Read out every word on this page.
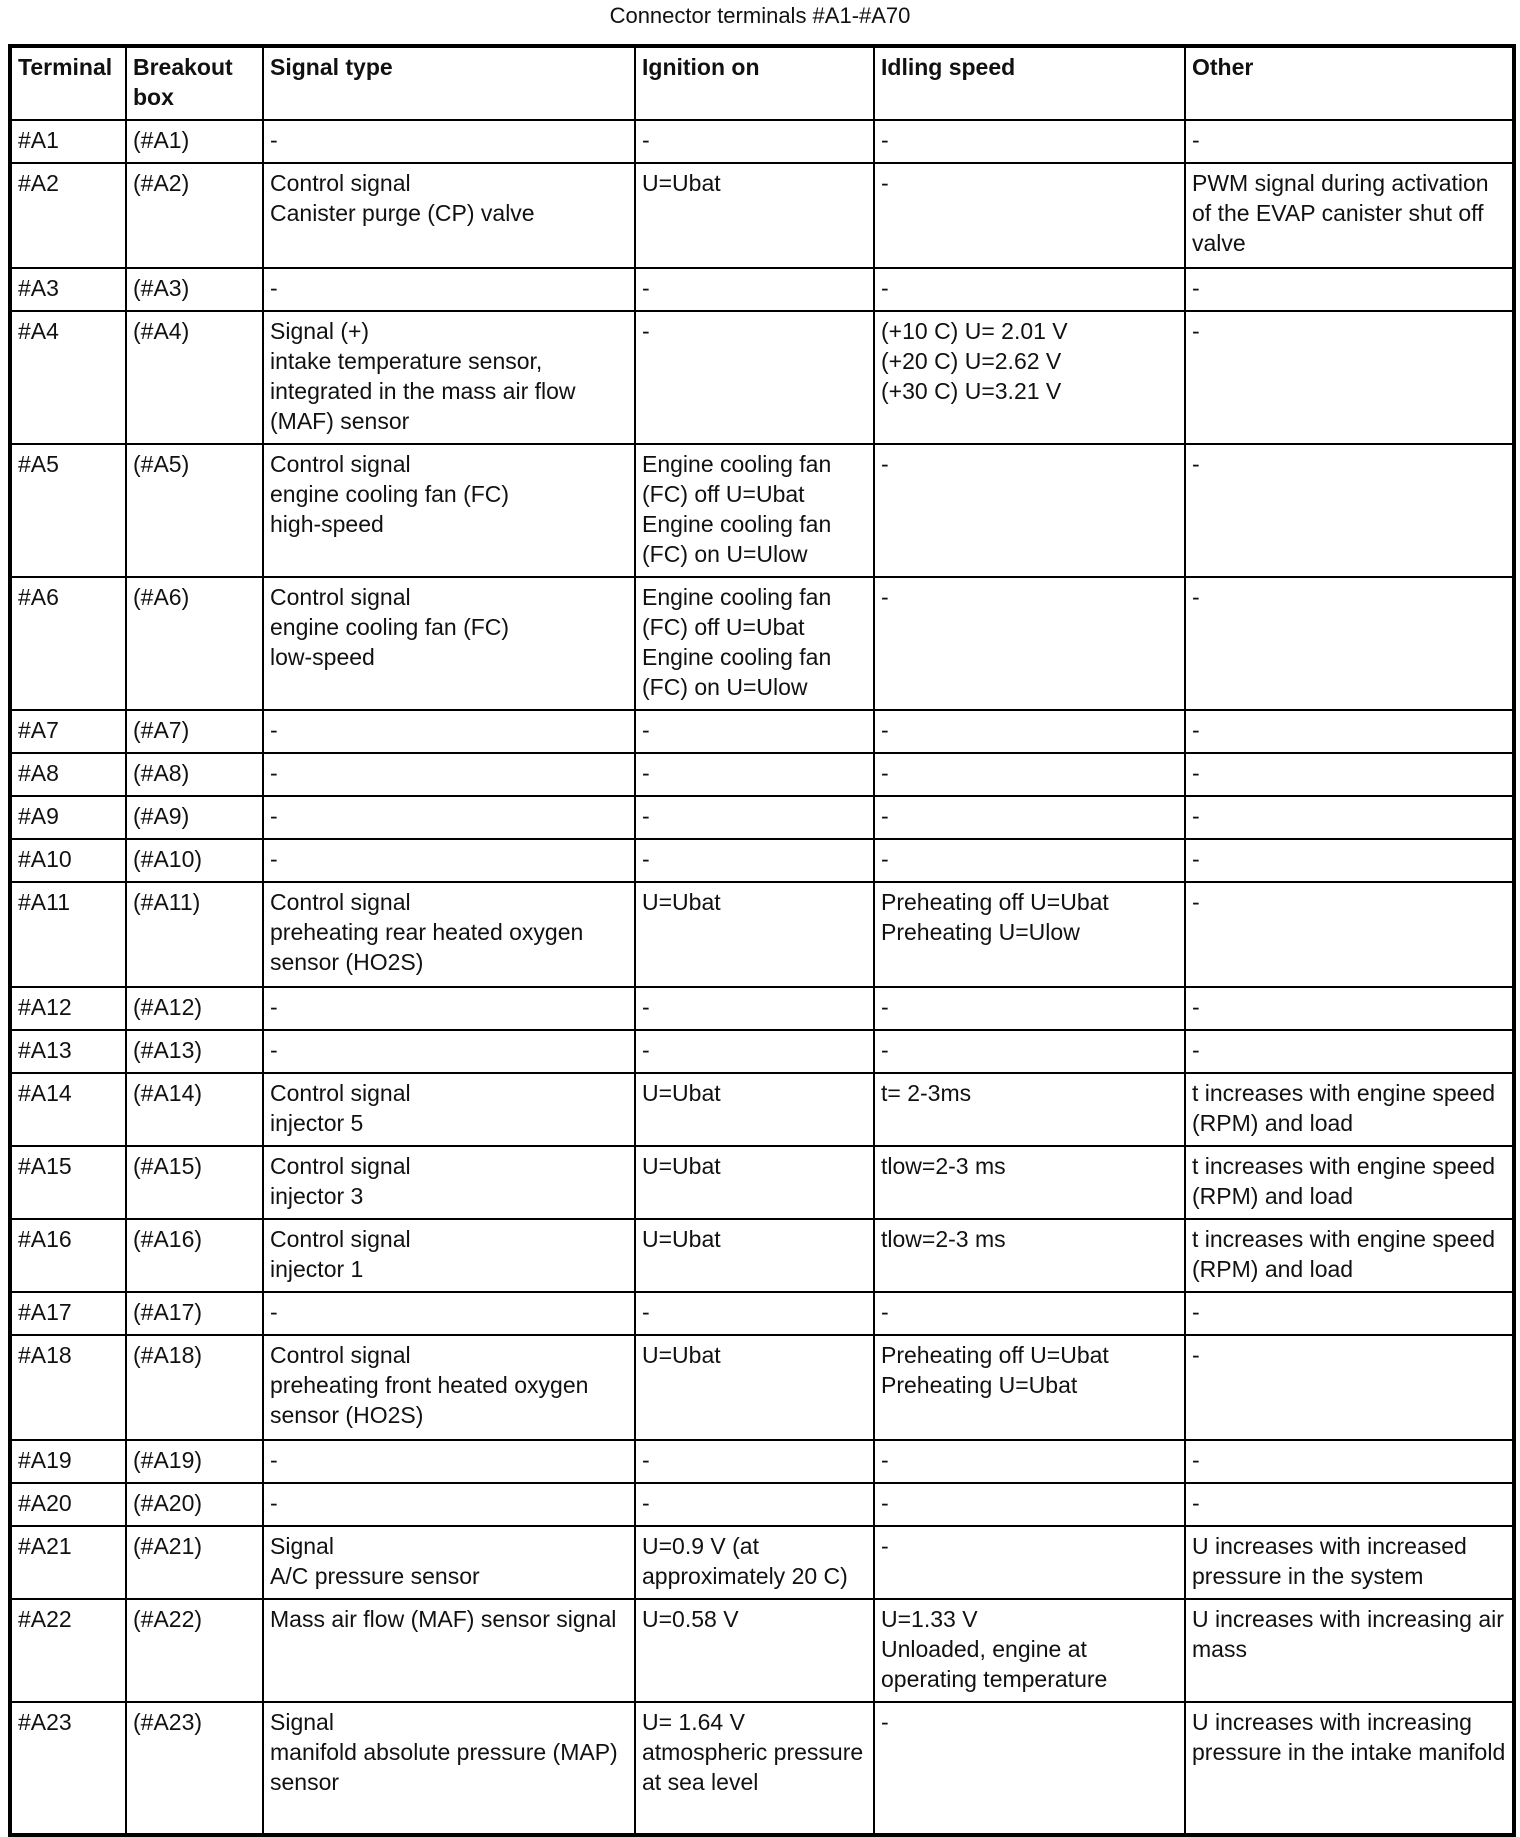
Connector terminals #A1-#A70
Terminal	Breakout box	Signal type	Ignition on	Idling speed	Other
#A1	(#A1)	-	-	-	-
#A2	(#A2)	Control signal
Canister purge (CP) valve	U=Ubat	-	PWM signal during activation of the EVAP canister shut off valve
#A3	(#A3)	-	-	-	-
#A4	(#A4)	Signal (+)
intake temperature sensor, integrated in the mass air flow (MAF) sensor	-	(+10 C) U= 2.01 V
(+20 C) U=2.62 V
(+30 C) U=3.21 V	-
#A5	(#A5)	Control signal
engine cooling fan (FC)
high-speed	Engine cooling fan (FC) off U=Ubat
Engine cooling fan (FC) on U=Ulow	-	-
#A6	(#A6)	Control signal
engine cooling fan (FC)
low-speed	Engine cooling fan (FC) off U=Ubat
Engine cooling fan (FC) on U=Ulow	-	-
#A7	(#A7)	-	-	-	-
#A8	(#A8)	-	-	-	-
#A9	(#A9)	-	-	-	-
#A10	(#A10)	-	-	-	-
#A11	(#A11)	Control signal
preheating rear heated oxygen sensor (HO2S)	U=Ubat	Preheating off U=Ubat
Preheating U=Ulow	-
#A12	(#A12)	-	-	-	-
#A13	(#A13)	-	-	-	-
#A14	(#A14)	Control signal
injector 5	U=Ubat	t= 2-3ms	t increases with engine speed (RPM) and load
#A15	(#A15)	Control signal
injector 3	U=Ubat	tlow=2-3 ms	t increases with engine speed (RPM) and load
#A16	(#A16)	Control signal
injector 1	U=Ubat	tlow=2-3 ms	t increases with engine speed (RPM) and load
#A17	(#A17)	-	-	-	-
#A18	(#A18)	Control signal
preheating front heated oxygen sensor (HO2S)	U=Ubat	Preheating off U=Ubat
Preheating U=Ubat	-
#A19	(#A19)	-	-	-	-
#A20	(#A20)	-	-	-	-
#A21	(#A21)	Signal
A/C pressure sensor	U=0.9 V (at approximately 20 C)	-	U increases with increased pressure in the system
#A22	(#A22)	Mass air flow (MAF) sensor signal	U=0.58 V	U=1.33 V
Unloaded, engine at operating temperature	U increases with increasing air mass
#A23	(#A23)	Signal
manifold absolute pressure (MAP) sensor	U= 1.64 V atmospheric pressure at sea level	-	U increases with increasing pressure in the intake manifold
